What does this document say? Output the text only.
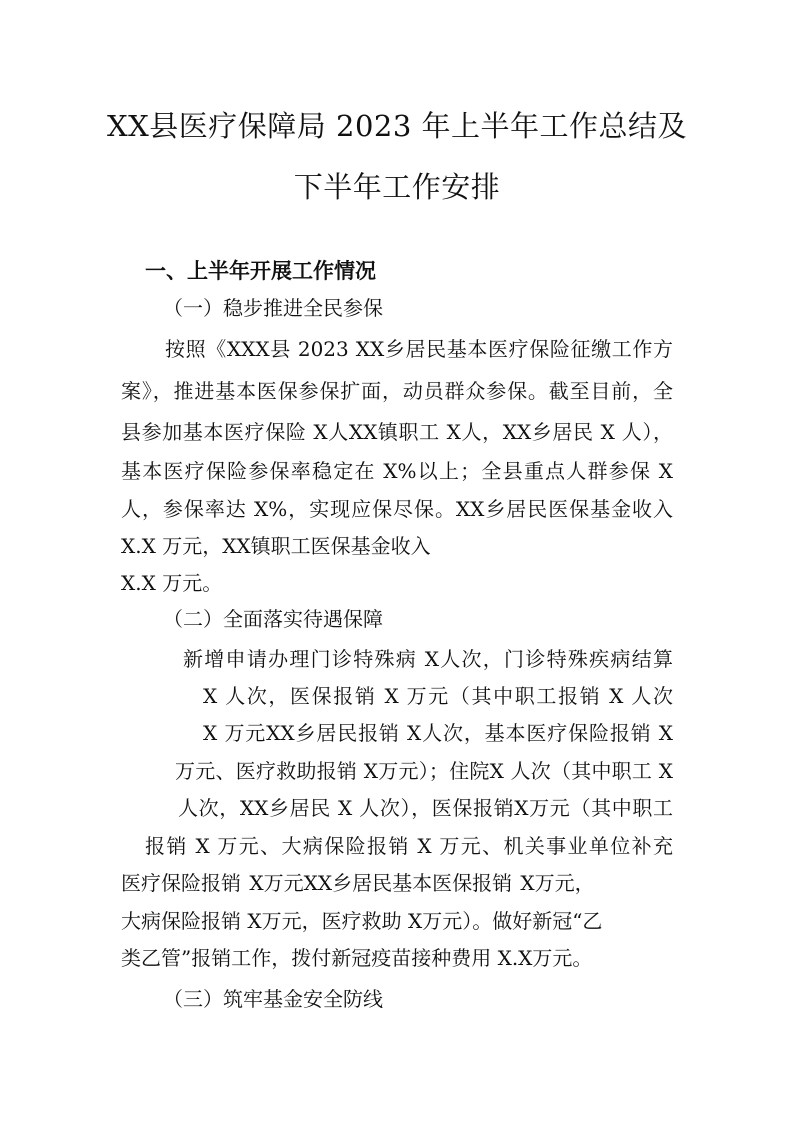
XX县医疗保障局 2023 年上半年工作总结及
下半年工作安排
一、上半年开展工作情况
（一）稳步推进全民参保
按照《XXX县 2023 XX乡居民基本医疗保险征缴工作方
案》，推进基本医保参保扩面，动员群众参保。截至目前，全
县参加基本医疗保险 X人XX镇职工 X人，XX乡居民 X 人），
基本医疗保险参保率稳定在 X%以上；全县重点人群参保 X
人，参保率达 X%，实现应保尽保。XX乡居民医保基金收入
X.X 万元，XX镇职工医保基金收入
X.X 万元。
（二）全面落实待遇保障
新增申请办理门诊特殊病 X人次，门诊特殊疾病结算
X 人次，医保报销 X 万元（其中职工报销 X 人次
X 万元XX乡居民报销 X人次，基本医疗保险报销 X
万元、医疗救助报销 X万元）；住院X 人次（其中职工 X
人次，XX乡居民 X 人次），医保报销X万元（其中职工
报销 X 万元、大病保险报销 X 万元、机关事业单位补充
医疗保险报销 X万元XX乡居民基本医保报销 X万元，
大病保险报销 X万元，医疗救助 X万元）。做好新冠“乙
类乙管”报销工作，拨付新冠疫苗接种费用 X.X万元。
（三）筑牢基金安全防线
